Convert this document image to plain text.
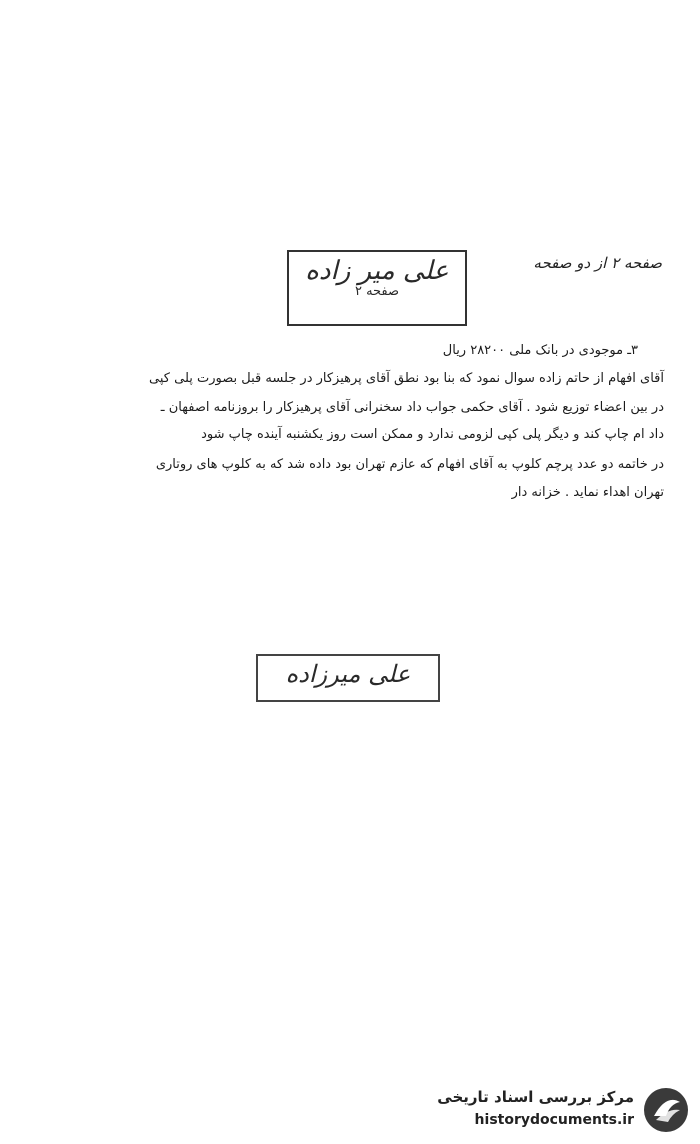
صفحه ۲ از دو صفحه
علی میر زاده
صفحه ۲
۳ـ موجودی در بانک ملی ۲۸۲۰۰ ریال
آقای افهام از حاتم زاده سوال نمود که بنا بود نطق آقای پرهیزکار در جلسه قبل بصورت پلی کپی
در بین اعضاء توزیع شود . آقای حکمی جواب داد سخنرانی آقای پرهیزکار را بروزنامه اصفهان ـ
داد ام چاپ کند و دیگر پلی کپی لزومی ندارد و ممکن است روز یکشنبه آینده چاپ شود
در خاتمه دو عدد پرچم کلوپ به آقای افهام که عازم تهران بود داده شد که به کلوپ های روتاری
تهران اهداء نماید . خزانه دار
علی میرزاده
مرکز بررسی اسناد تاریخی
historydocuments.ir
